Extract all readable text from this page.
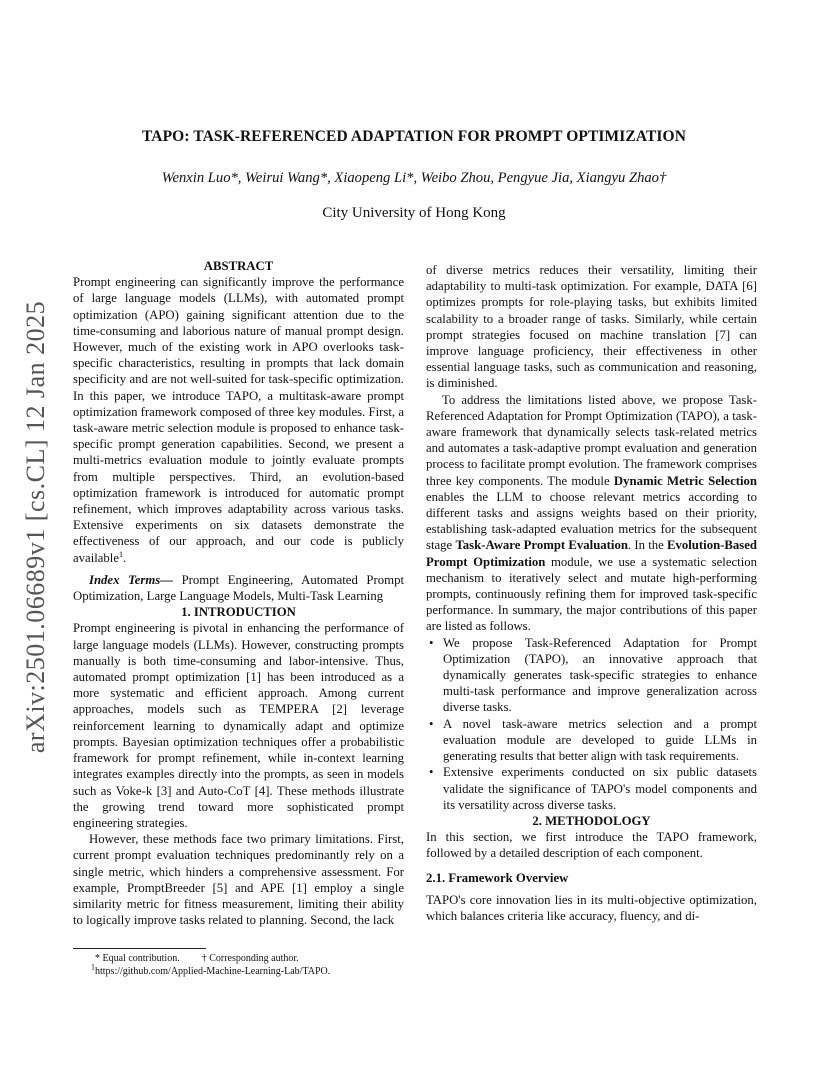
arXiv:2501.06689v1 [cs.CL] 12 Jan 2025
TAPO: TASK-REFERENCED ADAPTATION FOR PROMPT OPTIMIZATION
Wenxin Luo*, Weirui Wang*, Xiaopeng Li*, Weibo Zhou, Pengyue Jia, Xiangyu Zhao†
City University of Hong Kong

ABSTRACT

Prompt engineering can significantly improve the performance of large language models (LLMs), with automated prompt optimization (APO) gaining significant attention due to the time-consuming and laborious nature of manual prompt design. However, much of the existing work in APO overlooks task-specific characteristics, resulting in prompts that lack domain specificity and are not well-suited for task-specific optimization. In this paper, we introduce TAPO, a multitask-aware prompt optimization framework composed of three key modules. First, a task-aware metric selection module is proposed to enhance task-specific prompt generation capabilities. Second, we present a multi-metrics evaluation module to jointly evaluate prompts from multiple perspectives. Third, an evolution-based optimization framework is introduced for automatic prompt refinement, which improves adaptability across various tasks. Extensive experiments on six datasets demonstrate the effectiveness of our approach, and our code is publicly available$^1$.

Index Terms— Prompt Engineering, Automated Prompt Optimization, Large Language Models, Multi-Task Learning

1. INTRODUCTION

Prompt engineering is pivotal in enhancing the performance of large language models (LLMs). However, constructing prompts manually is both time-consuming and labor-intensive. Thus, automated prompt optimization [1] has been introduced as a more systematic and efficient approach. Among current approaches, models such as TEMPERA [2] leverage reinforcement learning to dynamically adapt and optimize prompts. Bayesian optimization techniques offer a probabilistic framework for prompt refinement, while in-context learning integrates examples directly into the prompts, as seen in models such as Voke-k [3] and Auto-CoT [4]. These methods illustrate the growing trend toward more sophisticated prompt engineering strategies.

However, these methods face two primary limitations. First, current prompt evaluation techniques predominantly rely on a single metric, which hinders a comprehensive assessment. For example, PromptBreeder [5] and APE [1] employ a single similarity metric for fitness measurement, limiting their ability to logically improve tasks related to planning. Second, the lack

of diverse metrics reduces their versatility, limiting their adaptability to multi-task optimization. For example, DATA [6] optimizes prompts for role-playing tasks, but exhibits limited scalability to a broader range of tasks. Similarly, while certain prompt strategies focused on machine translation [7] can improve language proficiency, their effectiveness in other essential language tasks, such as communication and reasoning, is diminished.

To address the limitations listed above, we propose Task-Referenced Adaptation for Prompt Optimization (TAPO), a task-aware framework that dynamically selects task-related metrics and automates a task-adaptive prompt evaluation and generation process to facilitate prompt evolution. The framework comprises three key components. The module Dynamic Metric Selection enables the LLM to choose relevant metrics according to different tasks and assigns weights based on their priority, establishing task-adapted evaluation metrics for the subsequent stage Task-Aware Prompt Evaluation. In the Evolution-Based Prompt Optimization module, we use a systematic selection mechanism to iteratively select and mutate high-performing prompts, continuously refining them for improved task-specific performance. In summary, the major contributions of this paper are listed as follows.

• We propose Task-Referenced Adaptation for Prompt Optimization (TAPO), an innovative approach that dynamically generates task-specific strategies to enhance multi-task performance and improve generalization across diverse tasks.
• A novel task-aware metrics selection and a prompt evaluation module are developed to guide LLMs in generating results that better align with task requirements.
• Extensive experiments conducted on six public datasets validate the significance of TAPO's model components and its versatility across diverse tasks.

2. METHODOLOGY

In this section, we first introduce the TAPO framework, followed by a detailed description of each component.

2.1. Framework Overview

TAPO's core innovation lies in its multi-objective optimization, which balances criteria like accuracy, fluency, and di-

* Equal contribution. † Corresponding author.
$^1$https://github.com/Applied-Machine-Learning-Lab/TAPO.
